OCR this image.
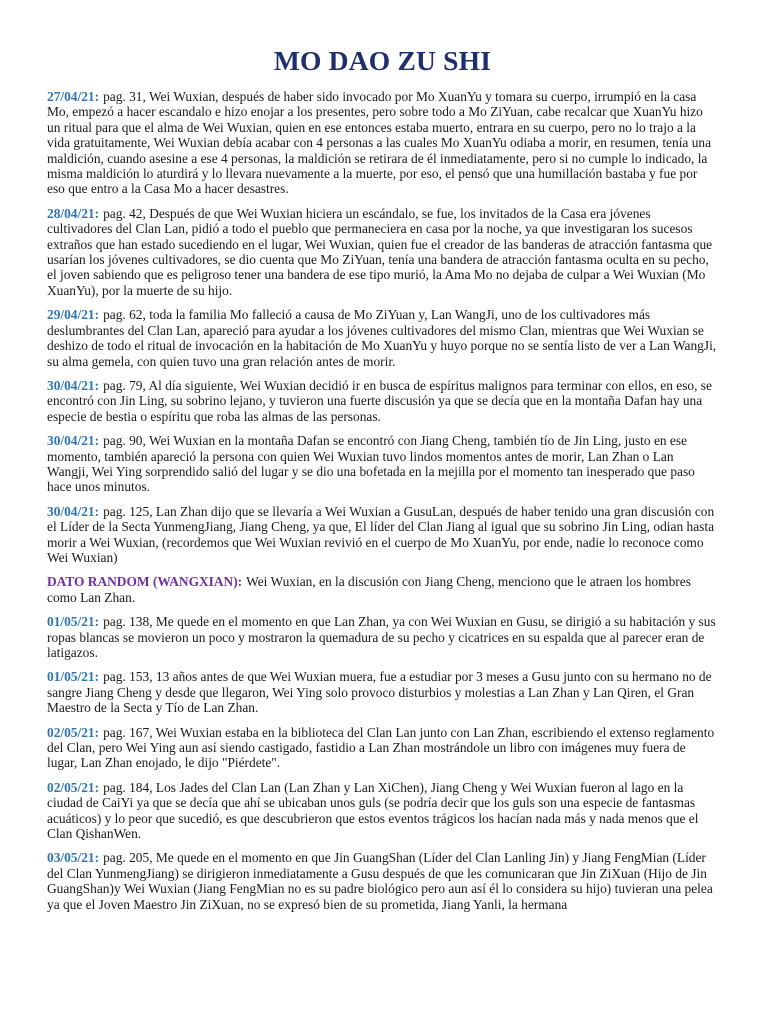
MO DAO ZU SHI

27/04/21: pag. 31, Wei Wuxian, después de haber sido invocado por Mo XuanYu y tomara su cuerpo, irrumpió en la casa Mo, empezó a hacer escandalo e hizo enojar a los presentes, pero sobre todo a Mo ZiYuan, cabe recalcar que XuanYu hizo un ritual para que el alma de Wei Wuxian, quien en ese entonces estaba muerto, entrara en su cuerpo, pero no lo trajo a la vida gratuitamente, Wei Wuxian debía acabar con 4 personas a las cuales Mo XuanYu odiaba a morir, en resumen, tenía una maldición, cuando asesine a ese 4 personas, la maldición se retirara de él inmediatamente, pero si no cumple lo indicado, la misma maldición lo aturdirá y lo llevara nuevamente a la muerte, por eso, el pensó que una humillación bastaba y fue por eso que entro a la Casa Mo a hacer desastres.

28/04/21: pag. 42, Después de que Wei Wuxian hiciera un escándalo, se fue, los invitados de la Casa era jóvenes cultivadores del Clan Lan, pidió a todo el pueblo que permaneciera en casa por la noche, ya que investigaran los sucesos extraños que han estado sucediendo en el lugar, Wei Wuxian, quien fue el creador de las banderas de atracción fantasma que usarían los jóvenes cultivadores, se dio cuenta que Mo ZiYuan, tenía una bandera de atracción fantasma oculta en su pecho, el joven sabiendo que es peligroso tener una bandera de ese tipo murió, la Ama Mo no dejaba de culpar a Wei Wuxian (Mo XuanYu), por la muerte de su hijo.

29/04/21: pag. 62, toda la familia Mo falleció a causa de Mo ZiYuan y, Lan WangJi, uno de los cultivadores más deslumbrantes del Clan Lan, apareció para ayudar a los jóvenes cultivadores del mismo Clan, mientras que Wei Wuxian se deshizo de todo el ritual de invocación en la habitación de Mo XuanYu y huyo porque no se sentía listo de ver a Lan WangJi, su alma gemela, con quien tuvo una gran relación antes de morir.

30/04/21: pag. 79, Al día siguiente, Wei Wuxian decidió ir en busca de espíritus malignos para terminar con ellos, en eso, se encontró con Jin Ling, su sobrino lejano, y tuvieron una fuerte discusión ya que se decía que en la montaña Dafan hay una especie de bestia o espíritu que roba las almas de las personas.

30/04/21: pag. 90, Wei Wuxian en la montaña Dafan se encontró con Jiang Cheng, también tío de Jin Ling, justo en ese momento, también apareció la persona con quien Wei Wuxian tuvo lindos momentos antes de morir, Lan Zhan o Lan Wangji, Wei Ying sorprendido salió del lugar y se dio una bofetada en la mejilla por el momento tan inesperado que paso hace unos minutos.

30/04/21: pag. 125, Lan Zhan dijo que se llevaría a Wei Wuxian a GusuLan, después de haber tenido una gran discusión con el Líder de la Secta YunmengJiang, Jiang Cheng, ya que, El líder del Clan Jiang al igual que su sobrino Jin Ling, odian hasta morir a Wei Wuxian, (recordemos que Wei Wuxian revivió en el cuerpo de Mo XuanYu, por ende, nadie lo reconoce como Wei Wuxian)

DATO RANDOM (WANGXIAN): Wei Wuxian, en la discusión con Jiang Cheng, menciono que le atraen los hombres como Lan Zhan.

01/05/21: pag. 138, Me quede en el momento en que Lan Zhan, ya con Wei Wuxian en Gusu, se dirigió a su habitación y sus ropas blancas se movieron un poco y mostraron la quemadura de su pecho y cicatrices en su espalda que al parecer eran de latigazos.

01/05/21: pag. 153, 13 años antes de que Wei Wuxian muera, fue a estudiar por 3 meses a Gusu junto con su hermano no de sangre Jiang Cheng y desde que llegaron, Wei Ying solo provoco disturbios y molestias a Lan Zhan y Lan Qiren, el Gran Maestro de la Secta y Tío de Lan Zhan.

02/05/21: pag. 167, Wei Wuxian estaba en la biblioteca del Clan Lan junto con Lan Zhan, escribiendo el extenso reglamento del Clan, pero Wei Ying aun así siendo castigado, fastidio a Lan Zhan mostrándole un libro con imágenes muy fuera de lugar, Lan Zhan enojado, le dijo "Piérdete".

02/05/21: pag. 184, Los Jades del Clan Lan (Lan Zhan y Lan XiChen), Jiang Cheng y Wei Wuxian fueron al lago en la ciudad de CaiYi ya que se decía que ahí se ubicaban unos guls (se podría decir que los guls son una especie de fantasmas acuáticos) y lo peor que sucedió, es que descubrieron que estos eventos trágicos los hacían nada más y nada menos que el Clan QishanWen.

03/05/21: pag. 205, Me quede en el momento en que Jin GuangShan (Líder del Clan Lanling Jin) y Jiang FengMian (Líder del Clan YunmengJiang) se dirigieron inmediatamente a Gusu después de que les comunicaran que Jin ZiXuan (Hijo de Jin GuangShan)y Wei Wuxian (Jiang FengMian no es su padre biológico pero aun así él lo considera su hijo) tuvieran una pelea ya que el Joven Maestro Jin ZiXuan, no se expresó bien de su prometida, Jiang Yanli, la hermana
